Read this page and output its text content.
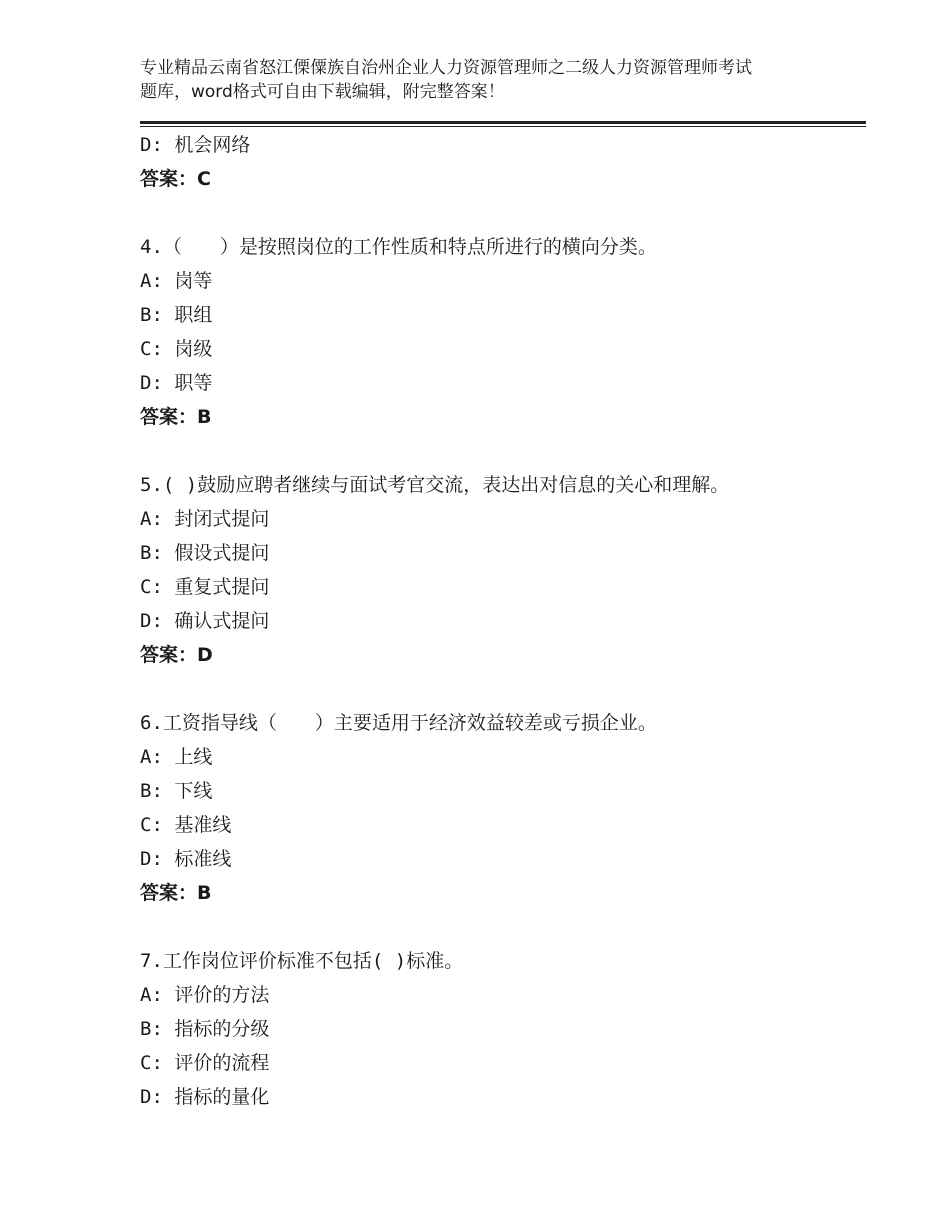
专业精品云南省怒江傈僳族自治州企业人力资源管理师之二级人力资源管理师考试
题库，word格式可自由下载编辑，附完整答案！
D: 机会网络
答案：C
4.（　　）是按照岗位的工作性质和特点所进行的横向分类。
A: 岗等
B: 职组
C: 岗级
D: 职等
答案：B
5.( )鼓励应聘者继续与面试考官交流，表达出对信息的关心和理解。
A: 封闭式提问
B: 假设式提问
C: 重复式提问
D: 确认式提问
答案：D
6.工资指导线（　　）主要适用于经济效益较差或亏损企业。
A: 上线
B: 下线
C: 基准线
D: 标准线
答案：B
7.工作岗位评价标准不包括( )标准。
A: 评价的方法
B: 指标的分级
C: 评价的流程
D: 指标的量化
